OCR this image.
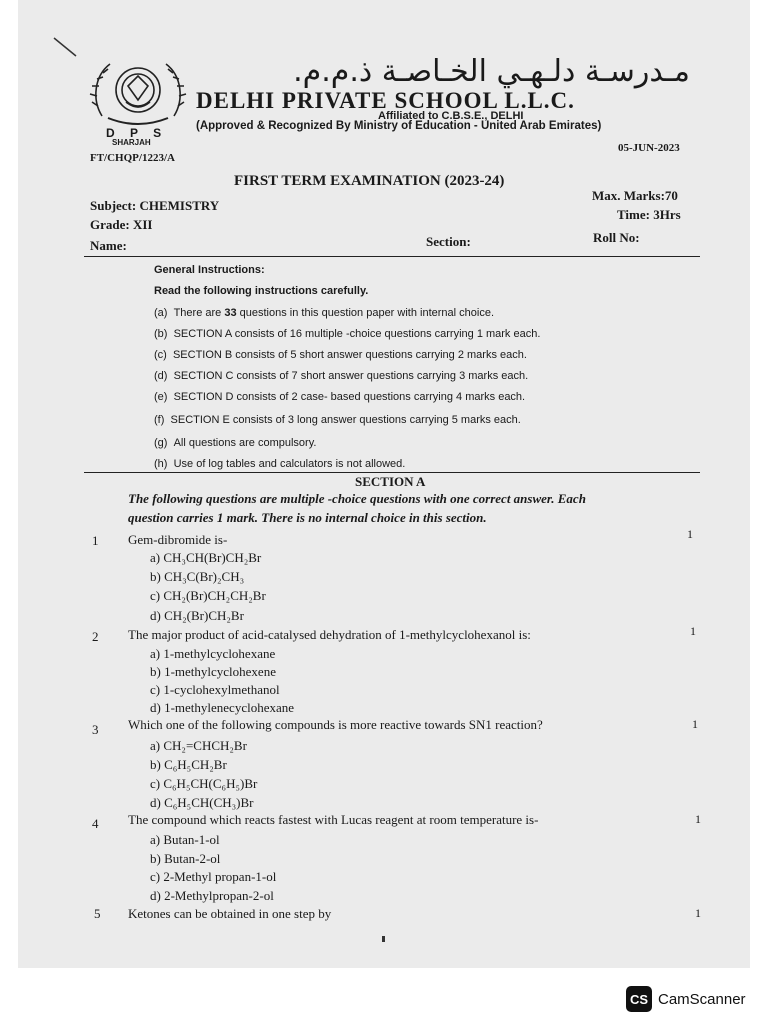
مـدرسـة دلـهـي الخـاصـة ذ.م.م.
DELHI PRIVATE SCHOOL L.L.C.
Affiliated to C.B.S.E., DELHI
(Approved & Recognized By Ministry of Education - United Arab Emirates)
D P S
SHARJAH
FT/CHQP/1223/A
05-JUN-2023
FIRST TERM EXAMINATION (2023-24)
Subject: CHEMISTRY
Grade: XII
Name:	Section:
Max. Marks:70
Time: 3Hrs
Roll No:
General Instructions:
Read the following instructions carefully.
(a) There are 33 questions in this question paper with internal choice.
(b) SECTION A consists of 16 multiple -choice questions carrying 1 mark each.
(c) SECTION B consists of 5 short answer questions carrying 2 marks each.
(d) SECTION C consists of 7 short answer questions carrying 3 marks each.
(e) SECTION D consists of 2 case- based questions carrying 4 marks each.
(f) SECTION E consists of 3 long answer questions carrying 5 marks each.
(g) All questions are compulsory.
(h) Use of log tables and calculators is not allowed.
SECTION A
The following questions are multiple -choice questions with one correct answer. Each
question carries 1 mark. There is no internal choice in this section.
1 Gem-dibromide is-	1
a) CH₃CH(Br)CH₂Br
b) CH₃C(Br)₂CH₃
c) CH₂(Br)CH₂CH₂Br
d) CH₂(Br)CH₂Br
2 The major product of acid-catalysed dehydration of 1-methylcyclohexanol is:	1
a) 1-methylcyclohexane
b) 1-methylcyclohexene
c) 1-cyclohexylmethanol
d) 1-methylenecyclohexane
3 Which one of the following compounds is more reactive towards SN1 reaction?	1
a) CH₂=CHCH₂Br
b) C₆H₅CH₂Br
c) C₆H₅CH(C₆H₅)Br
d) C₆H₅CH(CH₃)Br
4 The compound which reacts fastest with Lucas reagent at room temperature is-	1
a) Butan-1-ol
b) Butan-2-ol
c) 2-Methyl propan-1-ol
d) 2-Methylpropan-2-ol
5 Ketones can be obtained in one step by	1
CS CamScanner
